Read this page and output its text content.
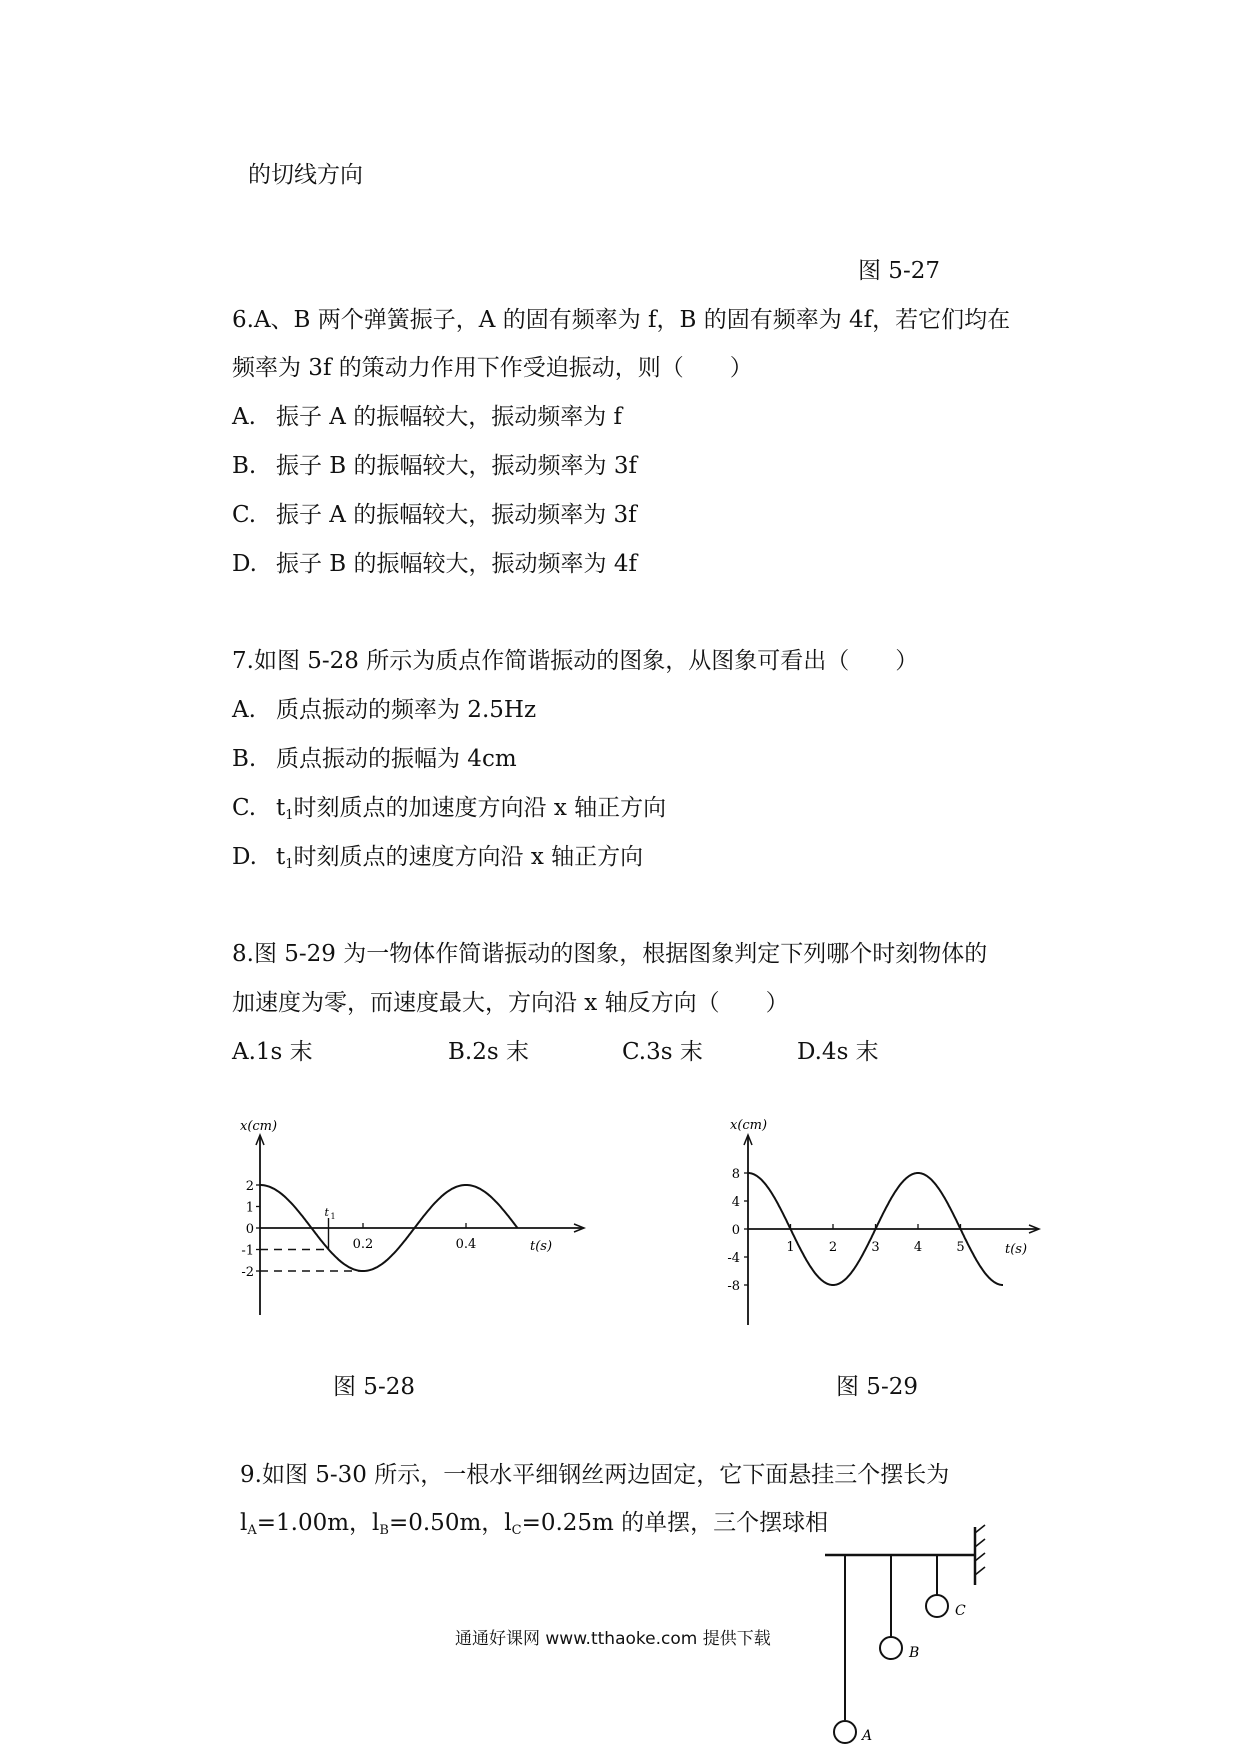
的切线方向
图 5-27
6.A、B 两个弹簧振子，A 的固有频率为 f，B 的固有频率为 4f，若它们均在
频率为 3f 的策动力作用下作受迫振动，则（　　）
A. 振子 A 的振幅较大，振动频率为 f
B. 振子 B 的振幅较大，振动频率为 3f
C. 振子 A 的振幅较大，振动频率为 3f
D. 振子 B 的振幅较大，振动频率为 4f
7.如图 5-28 所示为质点作简谐振动的图象，从图象可看出（　　）
A. 质点振动的频率为 2.5Hz
B. 质点振动的振幅为 4cm
C. $t_1$时刻质点的加速度方向沿 x 轴正方向
D. $t_1$时刻质点的速度方向沿 x 轴正方向
8.图 5-29 为一物体作简谐振动的图象，根据图象判定下列哪个时刻物体的
加速度为零，而速度最大，方向沿 x 轴反方向（　　）
A.1s 末	B.2s 末	C.3s 末	D.4s 末
x(cm)
t(s)
2
1
0
-1
-2
0.2	0.4
t 1
图 5-28
x(cm)
t(s)
8
4
0
-4
-8
1	2	3	4	5
图 5-29
9.如图 5-30 所示，一根水平细钢丝两边固定，它下面悬挂三个摆长为
$l_A=1.00m$，$l_B=0.50m$，$l_C=0.25m$ 的单摆，三个摆球相
A
B
C
通通好课网 www.tthaoke.com 提供下载
